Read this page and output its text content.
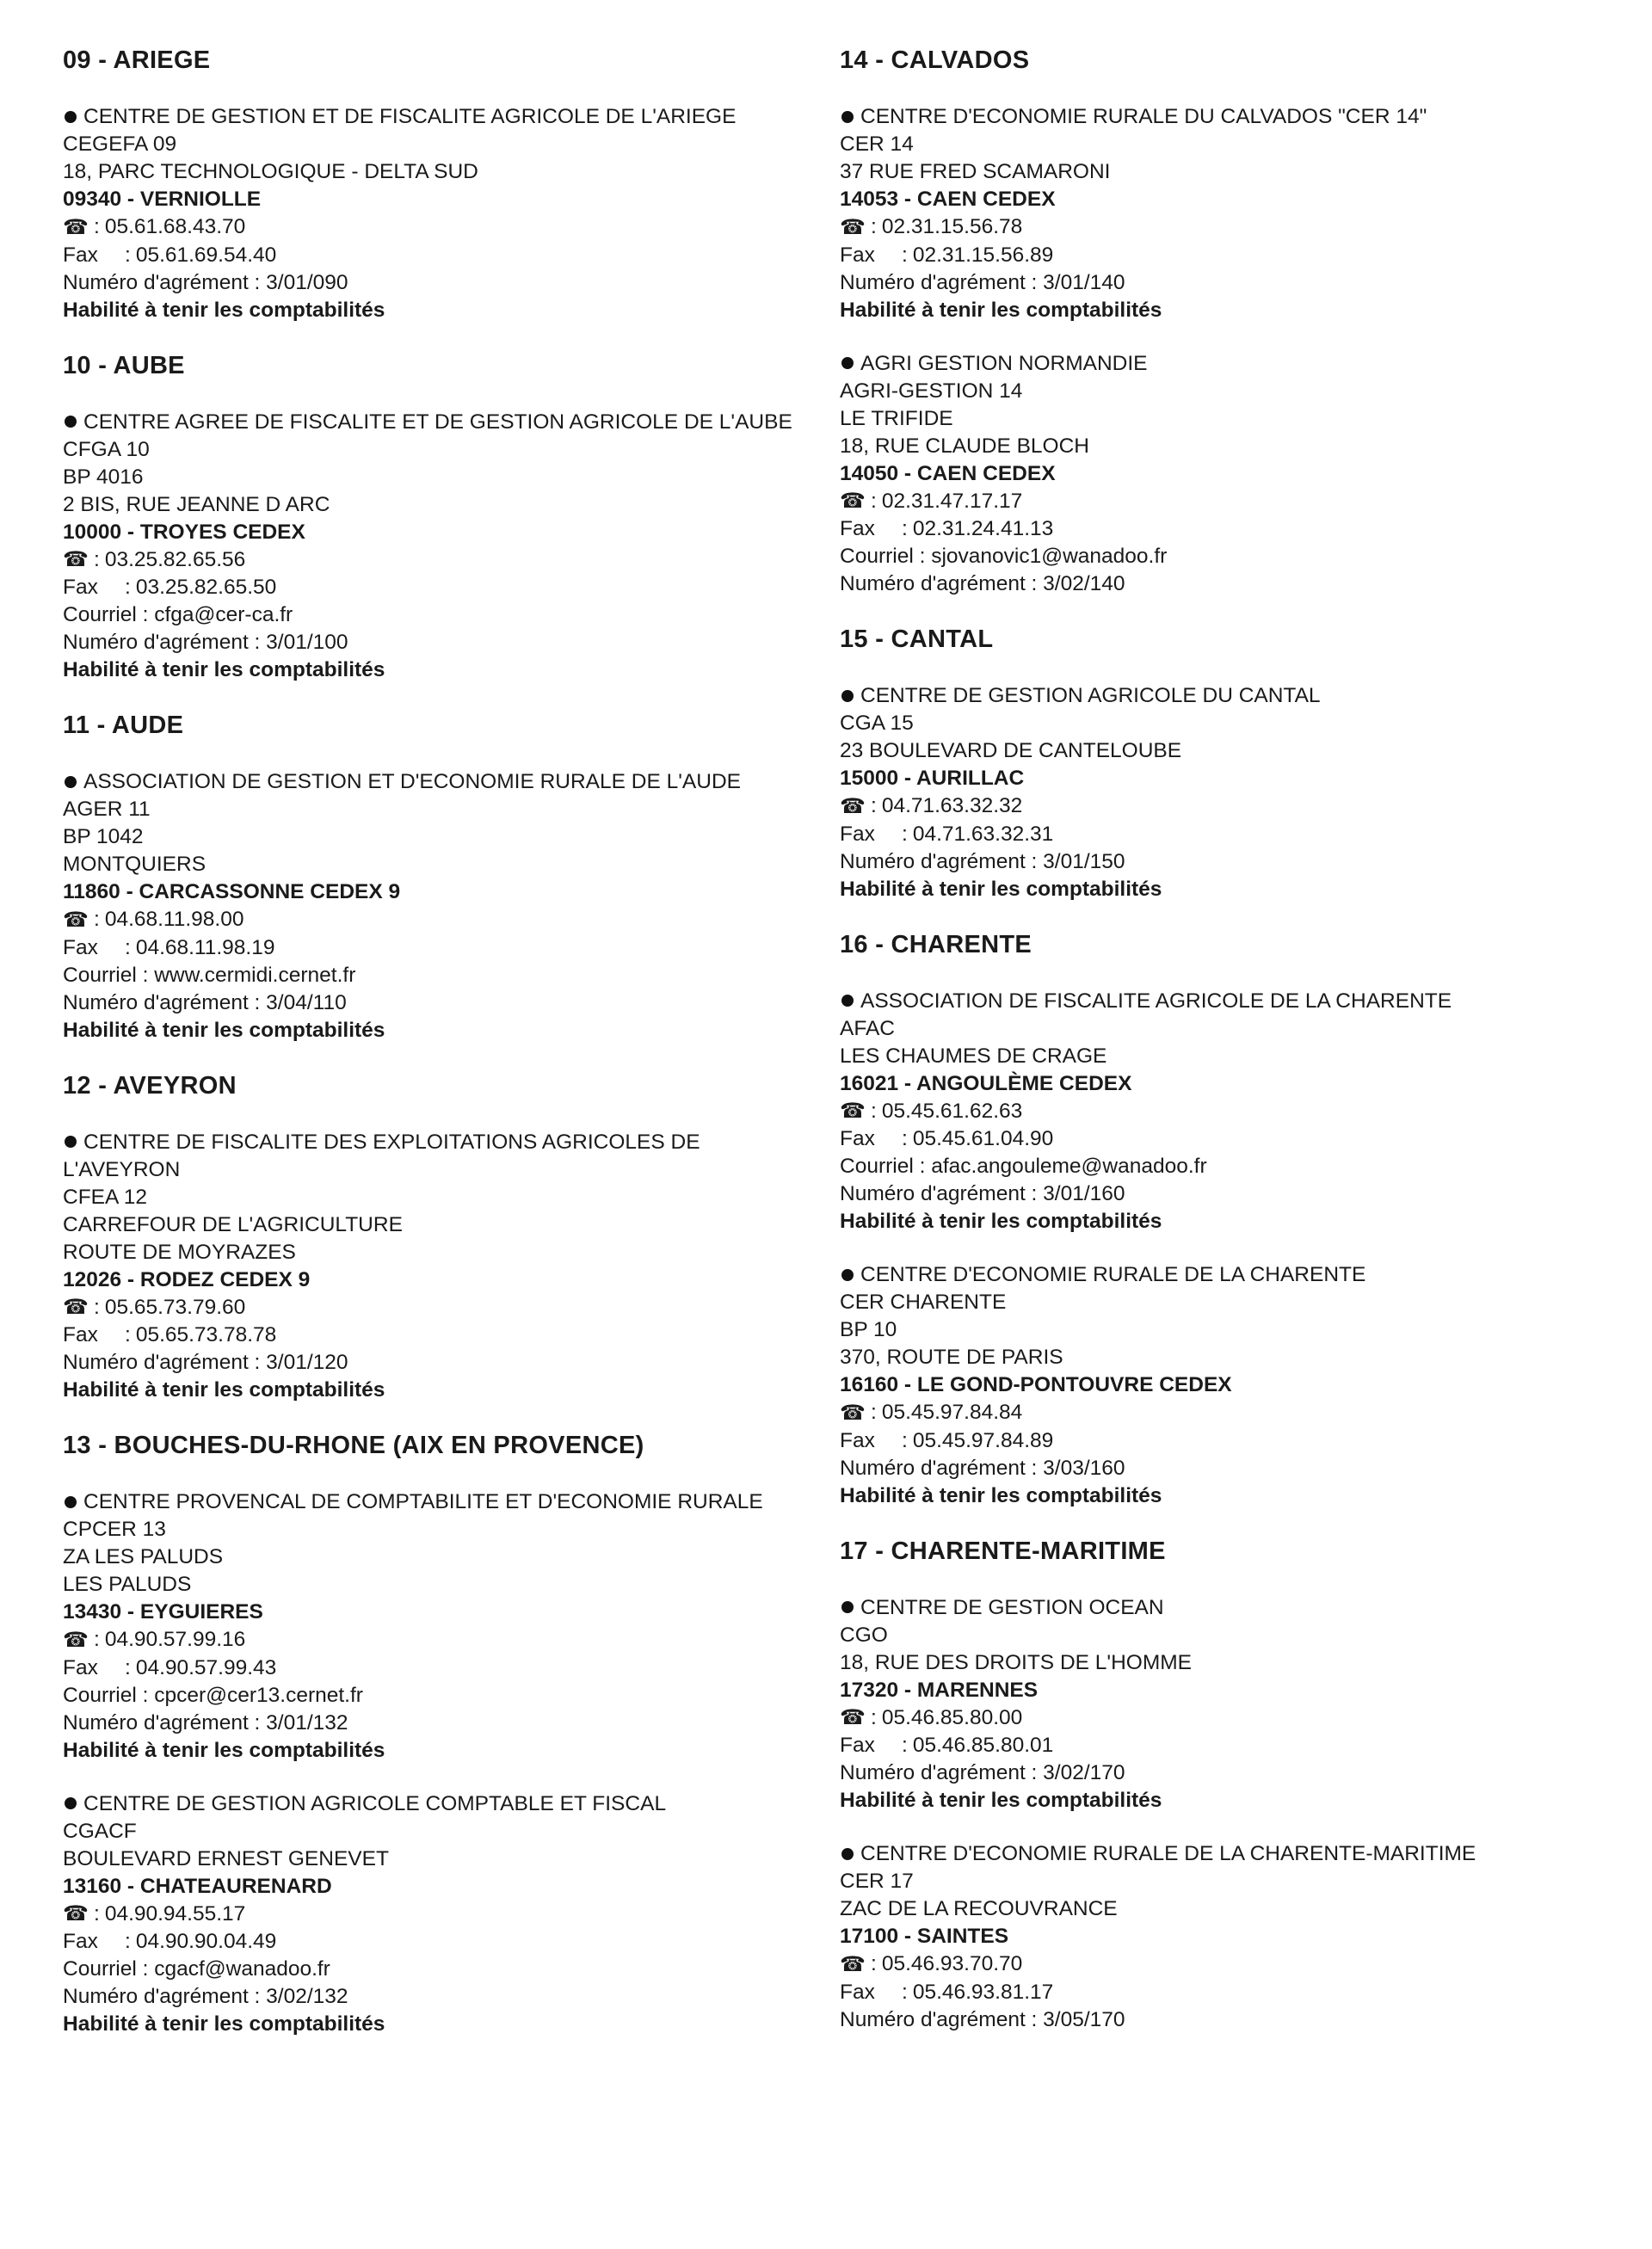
09 - ARIEGE
CENTRE DE GESTION ET DE FISCALITE AGRICOLE DE L'ARIEGE
CEGEFA 09
18, PARC TECHNOLOGIQUE - DELTA SUD
09340 - VERNIOLLE
☎ : 05.61.68.43.70
Fax : 05.61.69.54.40
Numéro d'agrément : 3/01/090
Habilité à tenir les comptabilités
10 - AUBE
CENTRE AGREE DE FISCALITE ET DE GESTION AGRICOLE DE L'AUBE
CFGA 10
BP 4016
2 BIS, RUE JEANNE D ARC
10000 - TROYES CEDEX
☎ : 03.25.82.65.56
Fax : 03.25.82.65.50
Courriel : cfga@cer-ca.fr
Numéro d'agrément : 3/01/100
Habilité à tenir les comptabilités
11 - AUDE
ASSOCIATION DE GESTION ET D'ECONOMIE RURALE DE L'AUDE
AGER 11
BP 1042
MONTQUIERS
11860 - CARCASSONNE CEDEX 9
☎ : 04.68.11.98.00
Fax : 04.68.11.98.19
Courriel : www.cermidi.cernet.fr
Numéro d'agrément : 3/04/110
Habilité à tenir les comptabilités
12 - AVEYRON
CENTRE DE FISCALITE DES EXPLOITATIONS AGRICOLES DE L'AVEYRON
CFEA 12
CARREFOUR DE L'AGRICULTURE
ROUTE DE MOYRAZES
12026 - RODEZ CEDEX 9
☎ : 05.65.73.79.60
Fax : 05.65.73.78.78
Numéro d'agrément : 3/01/120
Habilité à tenir les comptabilités
13 - BOUCHES-DU-RHONE (AIX EN PROVENCE)
CENTRE PROVENCAL DE COMPTABILITE ET D'ECONOMIE RURALE
CPCER 13
ZA LES PALUDS
LES PALUDS
13430 - EYGUIERES
☎ : 04.90.57.99.16
Fax : 04.90.57.99.43
Courriel : cpcer@cer13.cernet.fr
Numéro d'agrément : 3/01/132
Habilité à tenir les comptabilités
CENTRE DE GESTION AGRICOLE COMPTABLE ET FISCAL
CGACF
BOULEVARD ERNEST GENEVET
13160 - CHATEAURENARD
☎ : 04.90.94.55.17
Fax : 04.90.90.04.49
Courriel : cgacf@wanadoo.fr
Numéro d'agrément : 3/02/132
Habilité à tenir les comptabilités
14 - CALVADOS
CENTRE D'ECONOMIE RURALE DU CALVADOS "CER 14"
CER 14
37 RUE FRED SCAMARONI
14053 - CAEN CEDEX
☎ : 02.31.15.56.78
Fax : 02.31.15.56.89
Numéro d'agrément : 3/01/140
Habilité à tenir les comptabilités
AGRI GESTION NORMANDIE
AGRI-GESTION 14
LE TRIFIDE
18, RUE CLAUDE BLOCH
14050 - CAEN CEDEX
☎ : 02.31.47.17.17
Fax : 02.31.24.41.13
Courriel : sjovanovic1@wanadoo.fr
Numéro d'agrément : 3/02/140
15 - CANTAL
CENTRE DE GESTION AGRICOLE DU CANTAL
CGA 15
23 BOULEVARD DE CANTELOUBE
15000 - AURILLAC
☎ : 04.71.63.32.32
Fax : 04.71.63.32.31
Numéro d'agrément : 3/01/150
Habilité à tenir les comptabilités
16 - CHARENTE
ASSOCIATION DE FISCALITE AGRICOLE DE LA CHARENTE
AFAC
LES CHAUMES DE CRAGE
16021 - ANGOULÈME CEDEX
☎ : 05.45.61.62.63
Fax : 05.45.61.04.90
Courriel : afac.angouleme@wanadoo.fr
Numéro d'agrément : 3/01/160
Habilité à tenir les comptabilités
CENTRE D'ECONOMIE RURALE DE LA CHARENTE
CER CHARENTE
BP 10
370, ROUTE DE PARIS
16160 - LE GOND-PONTOUVRE CEDEX
☎ : 05.45.97.84.84
Fax : 05.45.97.84.89
Numéro d'agrément : 3/03/160
Habilité à tenir les comptabilités
17 - CHARENTE-MARITIME
CENTRE DE GESTION OCEAN
CGO
18, RUE DES DROITS DE L'HOMME
17320 - MARENNES
☎ : 05.46.85.80.00
Fax : 05.46.85.80.01
Numéro d'agrément : 3/02/170
Habilité à tenir les comptabilités
CENTRE D'ECONOMIE RURALE DE LA CHARENTE-MARITIME
CER 17
ZAC DE LA RECOUVRANCE
17100 - SAINTES
☎ : 05.46.93.70.70
Fax : 05.46.93.81.17
Numéro d'agrément : 3/05/170
